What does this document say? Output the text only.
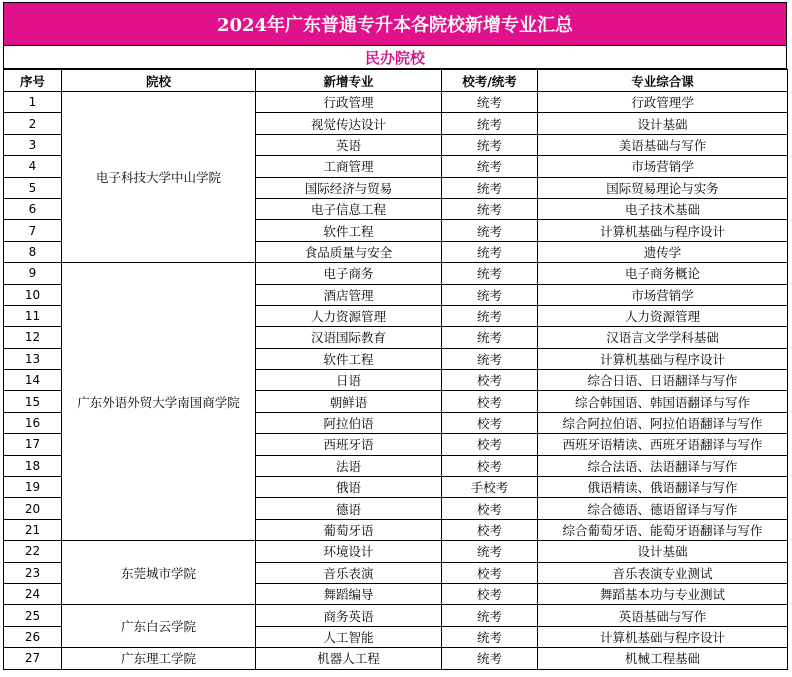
2024年广东普通专升本各院校新增专业汇总
民办院校
序号	院校	新增专业	校考/统考	专业综合课
1	电子科技大学中山学院	行政管理	统考	行政管理学
2		视觉传达设计	统考	设计基础
3		英语	统考	美语基础与写作
4		工商管理	统考	市场营销学
5		国际经济与贸易	统考	国际贸易理论与实务
6		电子信息工程	统考	电子技术基础
7		软件工程	统考	计算机基础与程序设计
8		食品质量与安全	统考	遗传学
9	广东外语外贸大学南国商学院	电子商务	统考	电子商务概论
10		酒店管理	统考	市场营销学
11		人力资源管理	统考	人力资源管理
12		汉语国际教育	统考	汉语言文学学科基础
13		软件工程	统考	计算机基础与程序设计
14		日语	校考	综合日语、日语翻译与写作
15		朝鲜语	校考	综合韩国语、韩国语翻译与写作
16		阿拉伯语	校考	综合阿拉伯语、阿拉伯语翻译与写作
17		西班牙语	校考	西班牙语精读、西班牙语翻译与写作
18		法语	校考	综合法语、法语翻译与写作
19		俄语	手校考	俄语精读、俄语翻译与写作
20		德语	校考	综合德语、德语留译与写作
21		葡萄牙语	校考	综合葡萄牙语、能萄牙语翻译与写作
22	东莞城市学院	环境设计	统考	设计基础
23		音乐表演	校考	音乐表演专业测试
24		舞蹈编导	校考	舞蹈基本功与专业测试
25	广东白云学院	商务英语	统考	英语基础与写作
26		人工智能	统考	计算机基础与程序设计
27	广东理工学院	机器人工程	统考	机械工程基础
